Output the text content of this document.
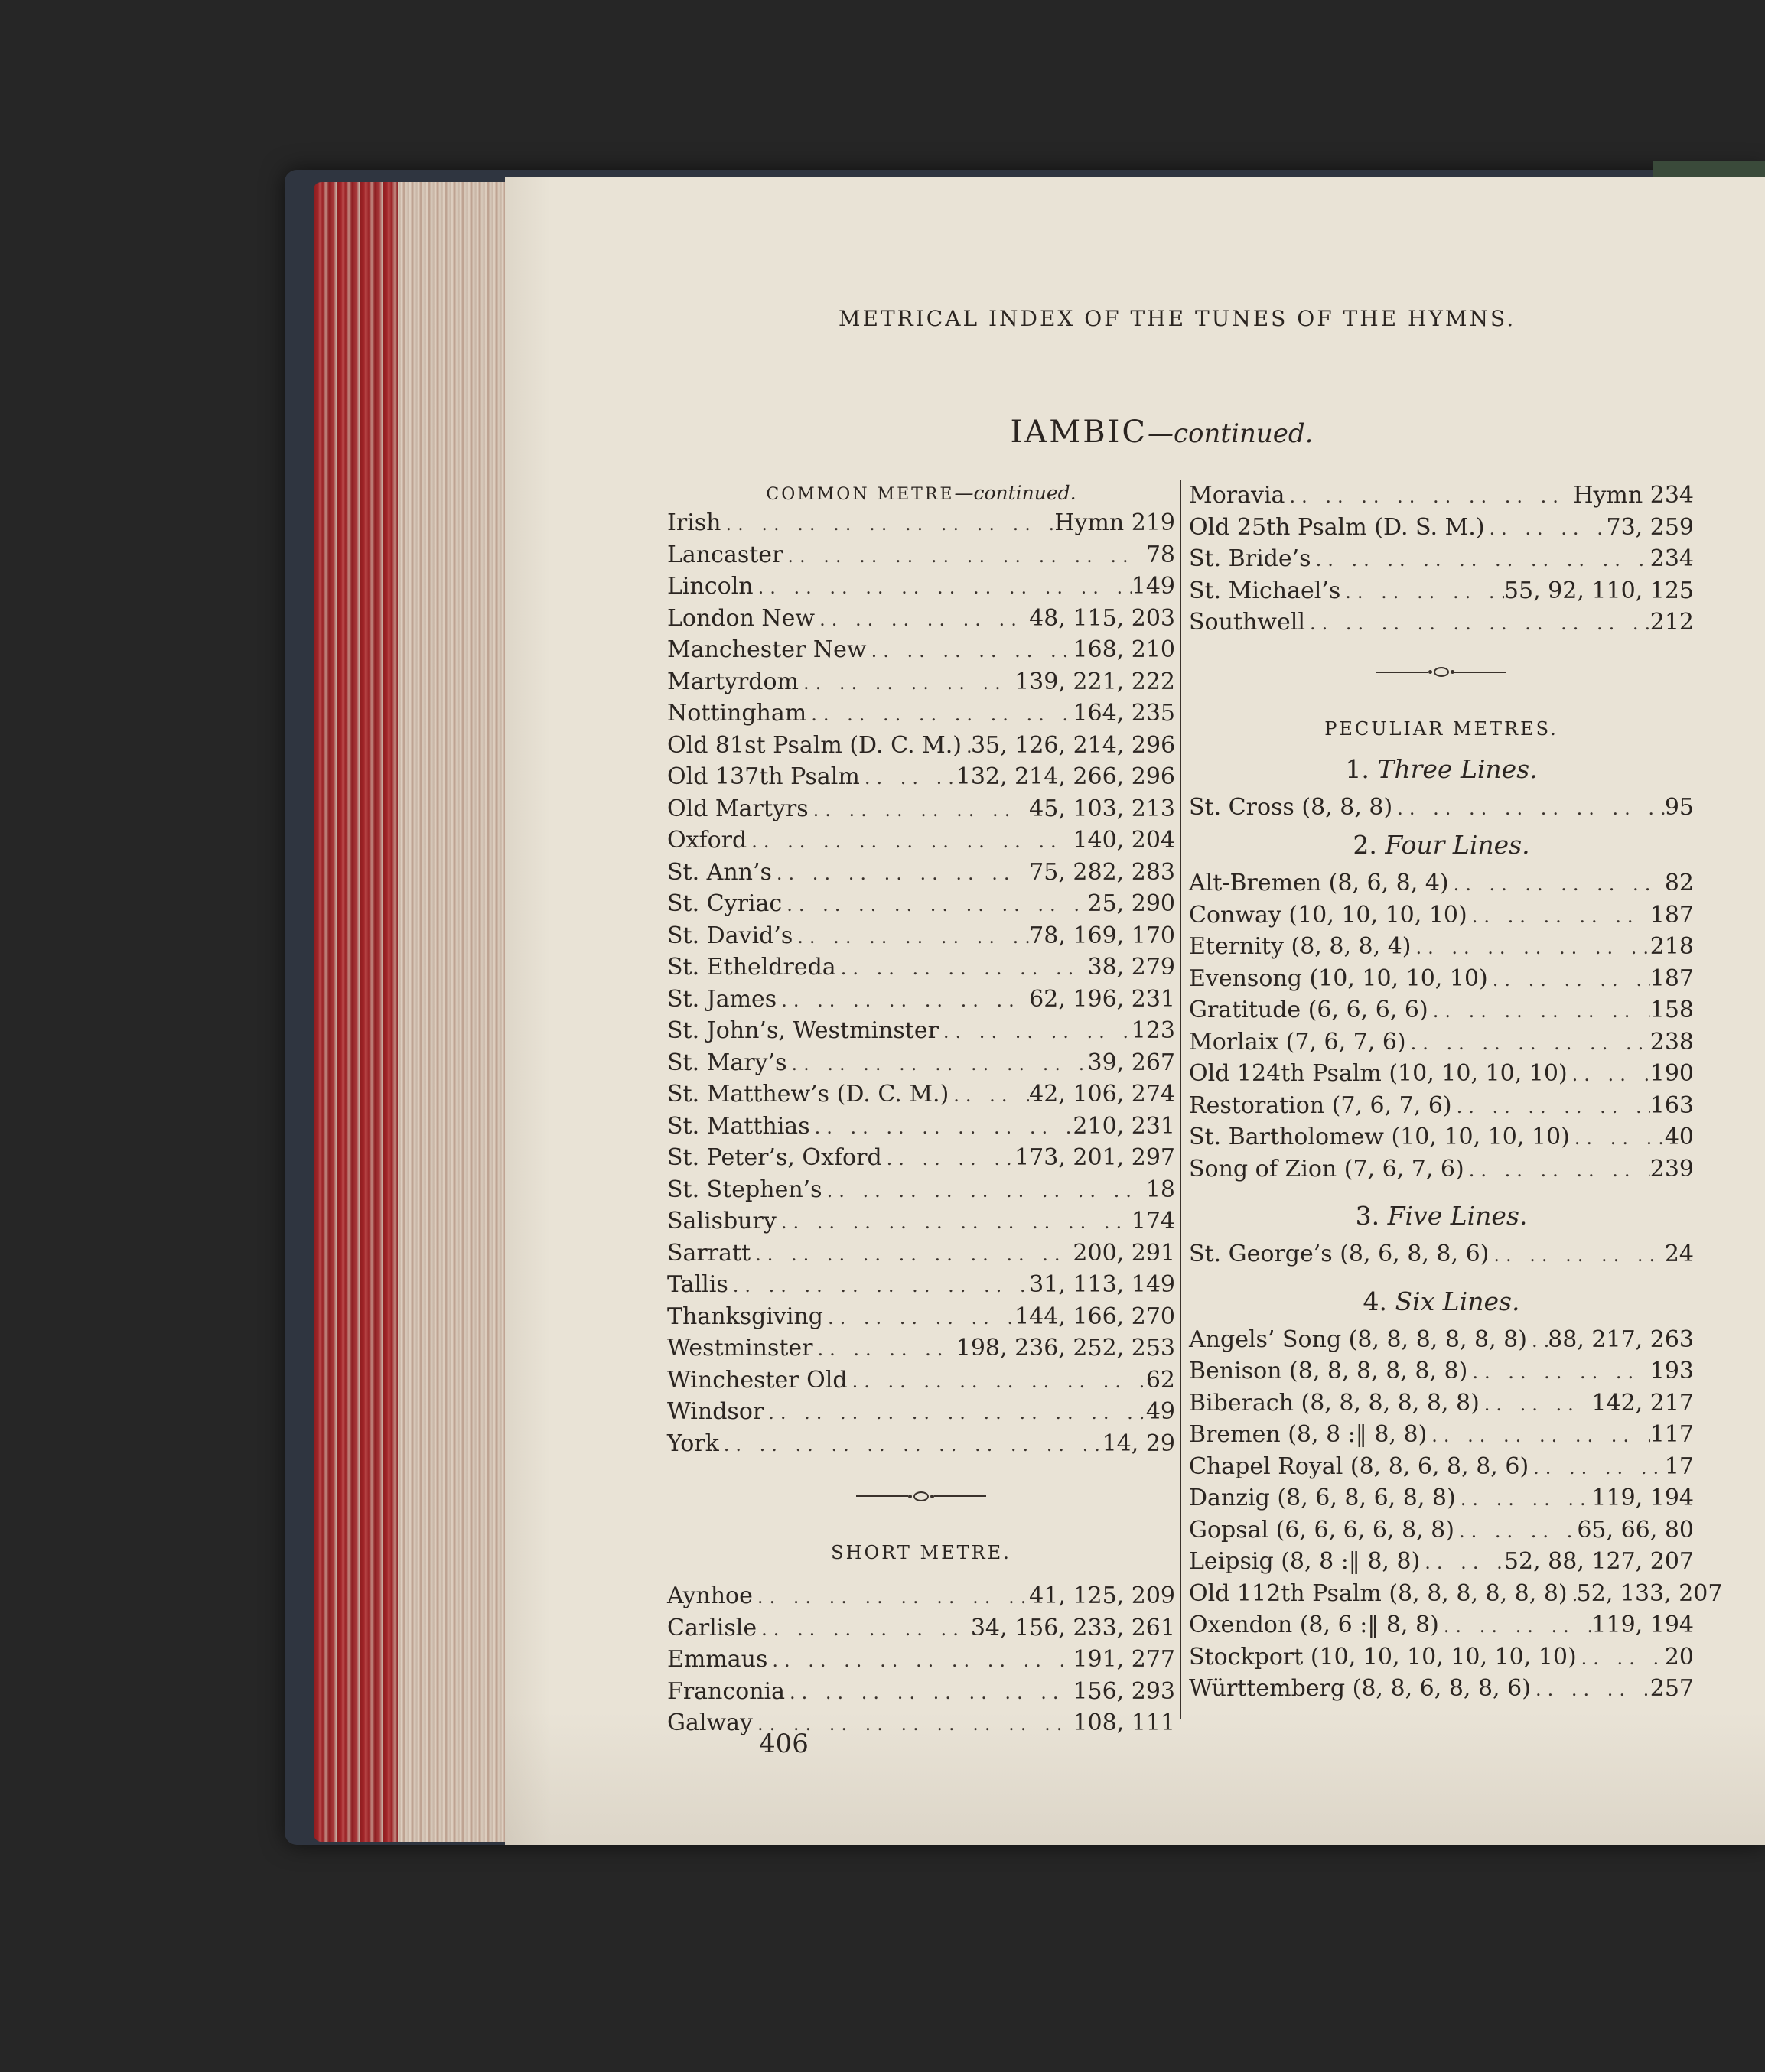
METRICAL INDEX OF THE TUNES OF THE HYMNS.
IAMBIC—continued.
COMMON METRE—continued.
Irish .. ..	Hymn 219
Lancaster .. ..	78
Lincoln .. ..	149
London New .. ..	48, 115, 203
Manchester New .. ..	168, 210
Martyrdom .. ..	139, 221, 222
Nottingham .. ..	164, 235
Old 81st Psalm (D. C. M.) .. .. 35, 126, 214, 296
Old 137th Psalm .. ..	132, 214, 266, 296
Old Martyrs .. ..	45, 103, 213
Oxford .. ..	140, 204
St. Ann’s .. ..	75, 282, 283
St. Cyriac .. ..	25, 290
St. David’s .. ..	78, 169, 170
St. Etheldreda .. ..	38, 279
St. James .. ..	62, 196, 231
St. John’s, Westminster .. ..	123
St. Mary’s .. ..	39, 267
St. Matthew’s (D. C. M.) .. ..	42, 106, 274
St. Matthias .. ..	210, 231
St. Peter’s, Oxford .. ..	173, 201, 297
St. Stephen’s .. ..	18
Salisbury .. ..	174
Sarratt .. ..	200, 291
Tallis .. ..	31, 113, 149
Thanksgiving .. ..	144, 166, 270
Westminster .. ..	198, 236, 252, 253
Winchester Old .. ..	62
Windsor .. ..	49
York .. ..	14, 29
SHORT METRE.
Aynhoe .. ..	41, 125, 209
Carlisle .. ..	34, 156, 233, 261
Emmaus .. ..	191, 277
Franconia .. ..	156, 293
Galway .. ..	108, 111
Moravia .. ..	Hymn 234
Old 25th Psalm (D. S. M.) .. ..	73, 259
St. Bride’s .. ..	234
St. Michael’s .. ..	55, 92, 110, 125
Southwell .. ..	212
PECULIAR METRES.
1. Three Lines.
St. Cross (8, 8, 8) .. ..	95
2. Four Lines.
Alt-Bremen (8, 6, 8, 4) .. ..	82
Conway (10, 10, 10, 10) .. ..	187
Eternity (8, 8, 8, 4) .. ..	218
Evensong (10, 10, 10, 10) .. ..	187
Gratitude (6, 6, 6, 6) .. ..	158
Morlaix (7, 6, 7, 6) .. ..	238
Old 124th Psalm (10, 10, 10, 10) .. ..	190
Restoration (7, 6, 7, 6) .. ..	163
St. Bartholomew (10, 10, 10, 10) .. ..	40
Song of Zion (7, 6, 7, 6) .. ..	239
3. Five Lines.
St. George’s (8, 6, 8, 8, 6) .. ..	24
4. Six Lines.
Angels’ Song (8, 8, 8, 8, 8, 8) .. .. 88, 217, 263
Benison (8, 8, 8, 8, 8, 8) .. ..	193
Biberach (8, 8, 8, 8, 8, 8) .. ..	142, 217
Bremen (8, 8 :‖ 8, 8) .. ..	117
Chapel Royal (8, 8, 6, 8, 8, 6) .. ..	17
Danzig (8, 6, 8, 6, 8, 8) .. ..	119, 194
Gopsal (6, 6, 6, 6, 8, 8) .. ..	65, 66, 80
Leipsig (8, 8 :‖ 8, 8) .. ..	52, 88, 127, 207
Old 112th Psalm (8, 8, 8, 8, 8, 8) .. .. 52, 133, 207
Oxendon (8, 6 :‖ 8, 8) .. ..	119, 194
Stockport (10, 10, 10, 10, 10, 10) .. ..	20
Württemberg (8, 8, 6, 8, 8, 6) .. ..	257
406
